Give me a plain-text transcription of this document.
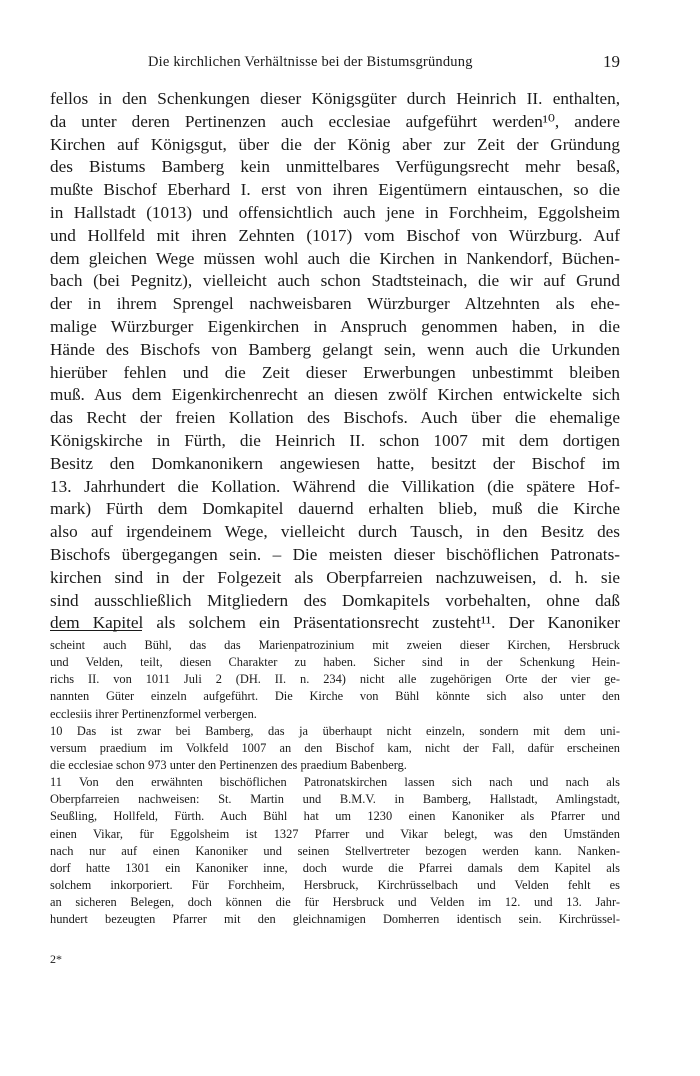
Die kirchlichen Verhältnisse bei der Bistumsgründung	19
fellos in den Schenkungen dieser Königsgüter durch Heinrich II. enthalten,
da unter deren Pertinenzen auch ecclesiae aufgeführt werden¹⁰, andere
Kirchen auf Königsgut, über die der König aber zur Zeit der Gründung
des Bistums Bamberg kein unmittelbares Verfügungsrecht mehr besaß,
mußte Bischof Eberhard I. erst von ihren Eigentümern eintauschen, so die
in Hallstadt (1013) und offensichtlich auch jene in Forchheim, Eggolsheim
und Hollfeld mit ihren Zehnten (1017) vom Bischof von Würzburg. Auf
dem gleichen Wege müssen wohl auch die Kirchen in Nankendorf, Büchen-
bach (bei Pegnitz), vielleicht auch schon Stadtsteinach, die wir auf Grund
der in ihrem Sprengel nachweisbaren Würzburger Altzehnten als ehe-
malige Würzburger Eigenkirchen in Anspruch genommen haben, in die
Hände des Bischofs von Bamberg gelangt sein, wenn auch die Urkunden
hierüber fehlen und die Zeit dieser Erwerbungen unbestimmt bleiben
muß. Aus dem Eigenkirchenrecht an diesen zwölf Kirchen entwickelte sich
das Recht der freien Kollation des Bischofs. Auch über die ehemalige
Königskirche in Fürth, die Heinrich II. schon 1007 mit dem dortigen
Besitz den Domkanonikern angewiesen hatte, besitzt der Bischof im
13. Jahrhundert die Kollation. Während die Villikation (die spätere Hof-
mark) Fürth dem Domkapitel dauernd erhalten blieb, muß die Kirche
also auf irgendeinem Wege, vielleicht durch Tausch, in den Besitz des
Bischofs übergegangen sein. – Die meisten dieser bischöflichen Patronats-
kirchen sind in der Folgezeit als Oberpfarreien nachzuweisen, d. h. sie
sind ausschließlich Mitgliedern des Domkapitels vorbehalten, ohne daß
dem Kapitel als solchem ein Präsentationsrecht zusteht¹¹. Der Kanoniker
scheint auch Bühl, das das Marienpatrozinium mit zweien dieser Kirchen, Hersbruck
und Velden, teilt, diesen Charakter zu haben. Sicher sind in der Schenkung Hein-
richs II. von 1011 Juli 2 (DH. II. n. 234) nicht alle zugehörigen Orte der vier ge-
nannten Güter einzeln aufgeführt. Die Kirche von Bühl könnte sich also unter den
ecclesiis ihrer Pertinenzformel verbergen.
10 Das ist zwar bei Bamberg, das ja überhaupt nicht einzeln, sondern mit dem uni-
versum praedium im Volkfeld 1007 an den Bischof kam, nicht der Fall, dafür erscheinen
die ecclesiae schon 973 unter den Pertinenzen des praedium Babenberg.
11 Von den erwähnten bischöflichen Patronatskirchen lassen sich nach und nach als
Oberpfarreien nachweisen: St. Martin und B.M.V. in Bamberg, Hallstadt, Amlingstadt,
Seußling, Hollfeld, Fürth. Auch Bühl hat um 1230 einen Kanoniker als Pfarrer und
einen Vikar, für Eggolsheim ist 1327 Pfarrer und Vikar belegt, was den Umständen
nach nur auf einen Kanoniker und seinen Stellvertreter bezogen werden kann. Nanken-
dorf hatte 1301 ein Kanoniker inne, doch wurde die Pfarrei damals dem Kapitel als
solchem inkorporiert. Für Forchheim, Hersbruck, Kirchrüsselbach und Velden fehlt es
an sicheren Belegen, doch können die für Hersbruck und Velden im 12. und 13. Jahr-
hundert bezeugten Pfarrer mit den gleichnamigen Domherren identisch sein. Kirchrüssel-
2*
